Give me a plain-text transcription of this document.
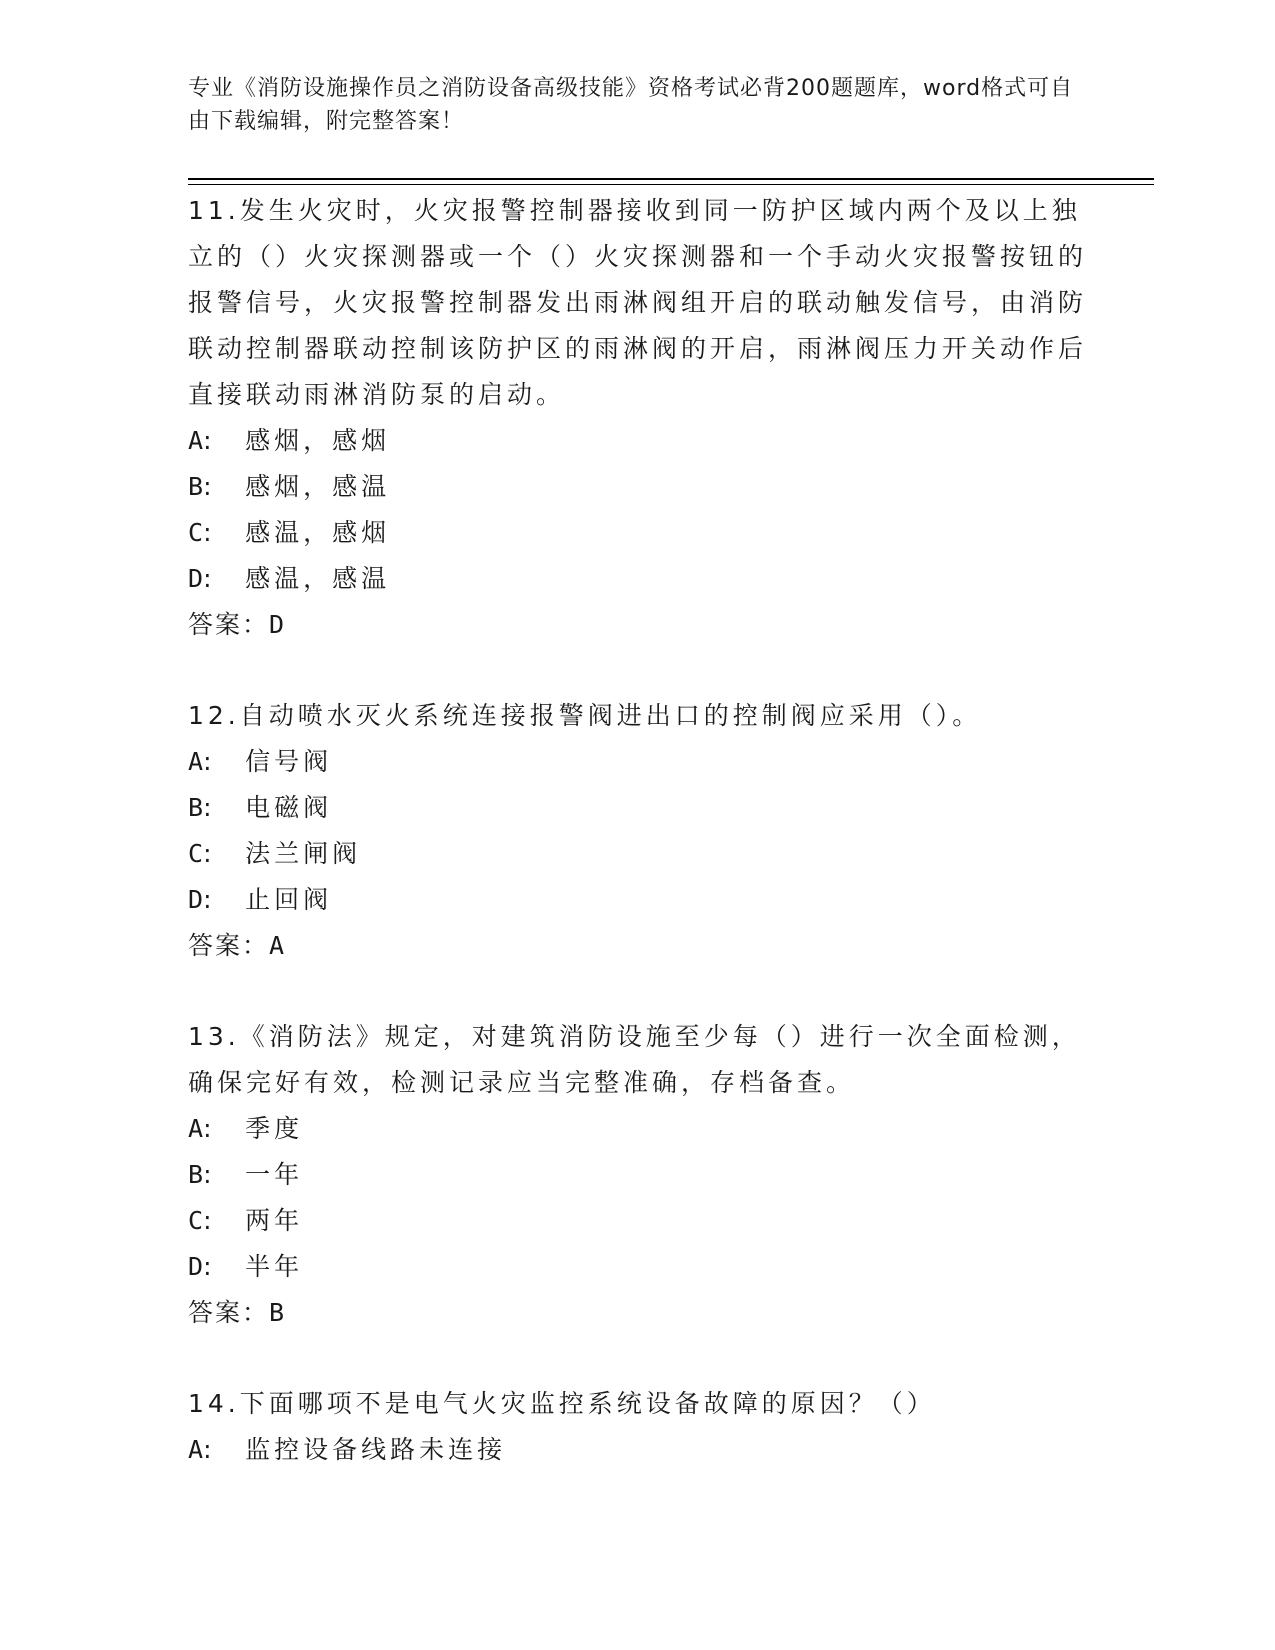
专业《消防设施操作员之消防设备高级技能》资格考试必背200题题库，word格式可自由下载编辑，附完整答案！

11.发生火灾时，火灾报警控制器接收到同一防护区域内两个及以上独立的（）火灾探测器或一个（）火灾探测器和一个手动火灾报警按钮的报警信号，火灾报警控制器发出雨淋阀组开启的联动触发信号，由消防联动控制器联动控制该防护区的雨淋阀的开启，雨淋阀压力开关动作后直接联动雨淋消防泵的启动。

A: 感烟，感烟

B: 感烟，感温

C: 感温，感烟

D: 感温，感温

答案：D

12.自动喷水灭火系统连接报警阀进出口的控制阀应采用（）。

A: 信号阀

B: 电磁阀

C: 法兰闸阀

D: 止回阀

答案：A

13.《消防法》规定，对建筑消防设施至少每（）进行一次全面检测，确保完好有效，检测记录应当完整准确，存档备查。

A: 季度

B: 一年

C: 两年

D: 半年

答案：B

14.下面哪项不是电气火灾监控系统设备故障的原因？（）

A: 监控设备线路未连接
